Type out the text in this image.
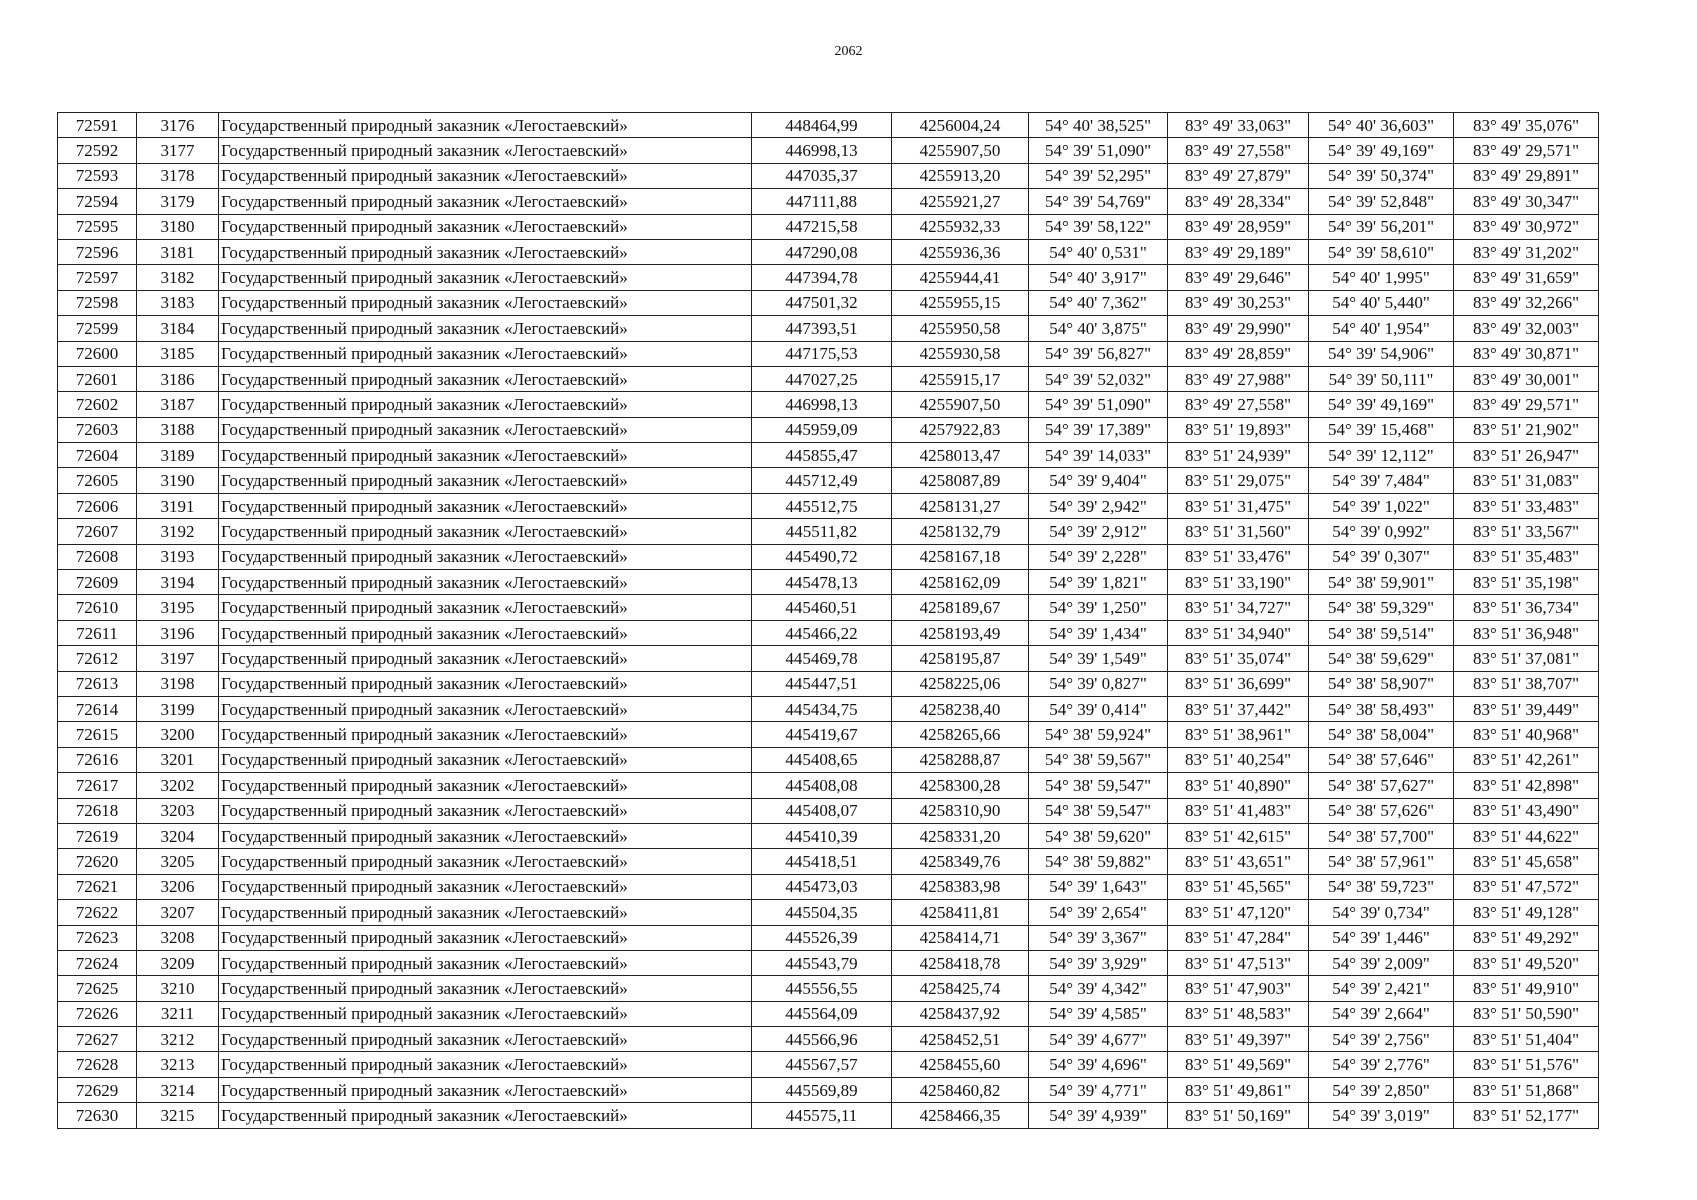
2062
72591	3176	Государственный природный заказник «Легостаевский»	448464,99	4256004,24	54° 40' 38,525"	83° 49' 33,063"	54° 40' 36,603"	83° 49' 35,076"
72592	3177	Государственный природный заказник «Легостаевский»	446998,13	4255907,50	54° 39' 51,090"	83° 49' 27,558"	54° 39' 49,169"	83° 49' 29,571"
72593	3178	Государственный природный заказник «Легостаевский»	447035,37	4255913,20	54° 39' 52,295"	83° 49' 27,879"	54° 39' 50,374"	83° 49' 29,891"
72594	3179	Государственный природный заказник «Легостаевский»	447111,88	4255921,27	54° 39' 54,769"	83° 49' 28,334"	54° 39' 52,848"	83° 49' 30,347"
72595	3180	Государственный природный заказник «Легостаевский»	447215,58	4255932,33	54° 39' 58,122"	83° 49' 28,959"	54° 39' 56,201"	83° 49' 30,972"
72596	3181	Государственный природный заказник «Легостаевский»	447290,08	4255936,36	54° 40' 0,531"	83° 49' 29,189"	54° 39' 58,610"	83° 49' 31,202"
72597	3182	Государственный природный заказник «Легостаевский»	447394,78	4255944,41	54° 40' 3,917"	83° 49' 29,646"	54° 40' 1,995"	83° 49' 31,659"
72598	3183	Государственный природный заказник «Легостаевский»	447501,32	4255955,15	54° 40' 7,362"	83° 49' 30,253"	54° 40' 5,440"	83° 49' 32,266"
72599	3184	Государственный природный заказник «Легостаевский»	447393,51	4255950,58	54° 40' 3,875"	83° 49' 29,990"	54° 40' 1,954"	83° 49' 32,003"
72600	3185	Государственный природный заказник «Легостаевский»	447175,53	4255930,58	54° 39' 56,827"	83° 49' 28,859"	54° 39' 54,906"	83° 49' 30,871"
72601	3186	Государственный природный заказник «Легостаевский»	447027,25	4255915,17	54° 39' 52,032"	83° 49' 27,988"	54° 39' 50,111"	83° 49' 30,001"
72602	3187	Государственный природный заказник «Легостаевский»	446998,13	4255907,50	54° 39' 51,090"	83° 49' 27,558"	54° 39' 49,169"	83° 49' 29,571"
72603	3188	Государственный природный заказник «Легостаевский»	445959,09	4257922,83	54° 39' 17,389"	83° 51' 19,893"	54° 39' 15,468"	83° 51' 21,902"
72604	3189	Государственный природный заказник «Легостаевский»	445855,47	4258013,47	54° 39' 14,033"	83° 51' 24,939"	54° 39' 12,112"	83° 51' 26,947"
72605	3190	Государственный природный заказник «Легостаевский»	445712,49	4258087,89	54° 39' 9,404"	83° 51' 29,075"	54° 39' 7,484"	83° 51' 31,083"
72606	3191	Государственный природный заказник «Легостаевский»	445512,75	4258131,27	54° 39' 2,942"	83° 51' 31,475"	54° 39' 1,022"	83° 51' 33,483"
72607	3192	Государственный природный заказник «Легостаевский»	445511,82	4258132,79	54° 39' 2,912"	83° 51' 31,560"	54° 39' 0,992"	83° 51' 33,567"
72608	3193	Государственный природный заказник «Легостаевский»	445490,72	4258167,18	54° 39' 2,228"	83° 51' 33,476"	54° 39' 0,307"	83° 51' 35,483"
72609	3194	Государственный природный заказник «Легостаевский»	445478,13	4258162,09	54° 39' 1,821"	83° 51' 33,190"	54° 38' 59,901"	83° 51' 35,198"
72610	3195	Государственный природный заказник «Легостаевский»	445460,51	4258189,67	54° 39' 1,250"	83° 51' 34,727"	54° 38' 59,329"	83° 51' 36,734"
72611	3196	Государственный природный заказник «Легостаевский»	445466,22	4258193,49	54° 39' 1,434"	83° 51' 34,940"	54° 38' 59,514"	83° 51' 36,948"
72612	3197	Государственный природный заказник «Легостаевский»	445469,78	4258195,87	54° 39' 1,549"	83° 51' 35,074"	54° 38' 59,629"	83° 51' 37,081"
72613	3198	Государственный природный заказник «Легостаевский»	445447,51	4258225,06	54° 39' 0,827"	83° 51' 36,699"	54° 38' 58,907"	83° 51' 38,707"
72614	3199	Государственный природный заказник «Легостаевский»	445434,75	4258238,40	54° 39' 0,414"	83° 51' 37,442"	54° 38' 58,493"	83° 51' 39,449"
72615	3200	Государственный природный заказник «Легостаевский»	445419,67	4258265,66	54° 38' 59,924"	83° 51' 38,961"	54° 38' 58,004"	83° 51' 40,968"
72616	3201	Государственный природный заказник «Легостаевский»	445408,65	4258288,87	54° 38' 59,567"	83° 51' 40,254"	54° 38' 57,646"	83° 51' 42,261"
72617	3202	Государственный природный заказник «Легостаевский»	445408,08	4258300,28	54° 38' 59,547"	83° 51' 40,890"	54° 38' 57,627"	83° 51' 42,898"
72618	3203	Государственный природный заказник «Легостаевский»	445408,07	4258310,90	54° 38' 59,547"	83° 51' 41,483"	54° 38' 57,626"	83° 51' 43,490"
72619	3204	Государственный природный заказник «Легостаевский»	445410,39	4258331,20	54° 38' 59,620"	83° 51' 42,615"	54° 38' 57,700"	83° 51' 44,622"
72620	3205	Государственный природный заказник «Легостаевский»	445418,51	4258349,76	54° 38' 59,882"	83° 51' 43,651"	54° 38' 57,961"	83° 51' 45,658"
72621	3206	Государственный природный заказник «Легостаевский»	445473,03	4258383,98	54° 39' 1,643"	83° 51' 45,565"	54° 38' 59,723"	83° 51' 47,572"
72622	3207	Государственный природный заказник «Легостаевский»	445504,35	4258411,81	54° 39' 2,654"	83° 51' 47,120"	54° 39' 0,734"	83° 51' 49,128"
72623	3208	Государственный природный заказник «Легостаевский»	445526,39	4258414,71	54° 39' 3,367"	83° 51' 47,284"	54° 39' 1,446"	83° 51' 49,292"
72624	3209	Государственный природный заказник «Легостаевский»	445543,79	4258418,78	54° 39' 3,929"	83° 51' 47,513"	54° 39' 2,009"	83° 51' 49,520"
72625	3210	Государственный природный заказник «Легостаевский»	445556,55	4258425,74	54° 39' 4,342"	83° 51' 47,903"	54° 39' 2,421"	83° 51' 49,910"
72626	3211	Государственный природный заказник «Легостаевский»	445564,09	4258437,92	54° 39' 4,585"	83° 51' 48,583"	54° 39' 2,664"	83° 51' 50,590"
72627	3212	Государственный природный заказник «Легостаевский»	445566,96	4258452,51	54° 39' 4,677"	83° 51' 49,397"	54° 39' 2,756"	83° 51' 51,404"
72628	3213	Государственный природный заказник «Легостаевский»	445567,57	4258455,60	54° 39' 4,696"	83° 51' 49,569"	54° 39' 2,776"	83° 51' 51,576"
72629	3214	Государственный природный заказник «Легостаевский»	445569,89	4258460,82	54° 39' 4,771"	83° 51' 49,861"	54° 39' 2,850"	83° 51' 51,868"
72630	3215	Государственный природный заказник «Легостаевский»	445575,11	4258466,35	54° 39' 4,939"	83° 51' 50,169"	54° 39' 3,019"	83° 51' 52,177"
